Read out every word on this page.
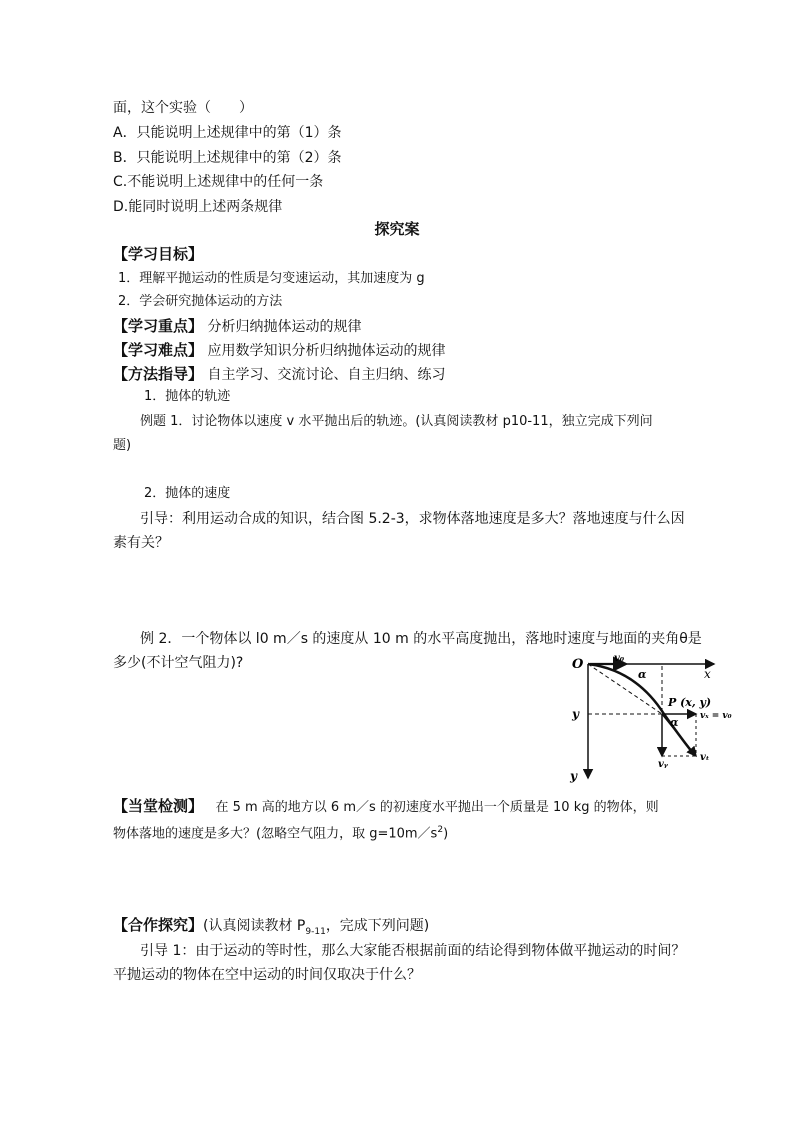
面，这个实验（　　）
A．只能说明上述规律中的第（1）条
B．只能说明上述规律中的第（2）条
C.不能说明上述规律中的任何一条
D.能同时说明上述两条规律
探究案
【学习目标】
1．理解平抛运动的性质是匀变速运动，其加速度为 g
2．学会研究抛体运动的方法
【学习重点】 分析归纳抛体运动的规律
【学习难点】 应用数学知识分析归纳抛体运动的规律
【方法指导】 自主学习、交流讨论、自主归纳、练习
1．抛体的轨迹
例题 1．讨论物体以速度 v 水平抛出后的轨迹。(认真阅读教材 p10-11，独立完成下列问
题)
2．抛体的速度
引导：利用运动合成的知识，结合图 5.2-3，求物体落地速度是多大？落地速度与什么因
素有关？
例 2．一个物体以 l0 m／s 的速度从 10 m 的水平高度抛出，落地时速度与地面的夹角θ是
多少(不计空气阻力)?	O	v₀
α	x
P (x, y)
α vₓ = v₀
y
vᵧ
vₜ
y
【当堂检测】 在 5 m 高的地方以 6 m／s 的初速度水平抛出一个质量是 10 kg 的物体，则
物体落地的速度是多大？(忽略空气阻力，取 $g=10m/s^2$)
【合作探究】(认真阅读教材 $P_{9-11}$，完成下列问题)
引导 1：由于运动的等时性，那么大家能否根据前面的结论得到物体做平抛运动的时间？
平抛运动的物体在空中运动的时间仅取决于什么？
